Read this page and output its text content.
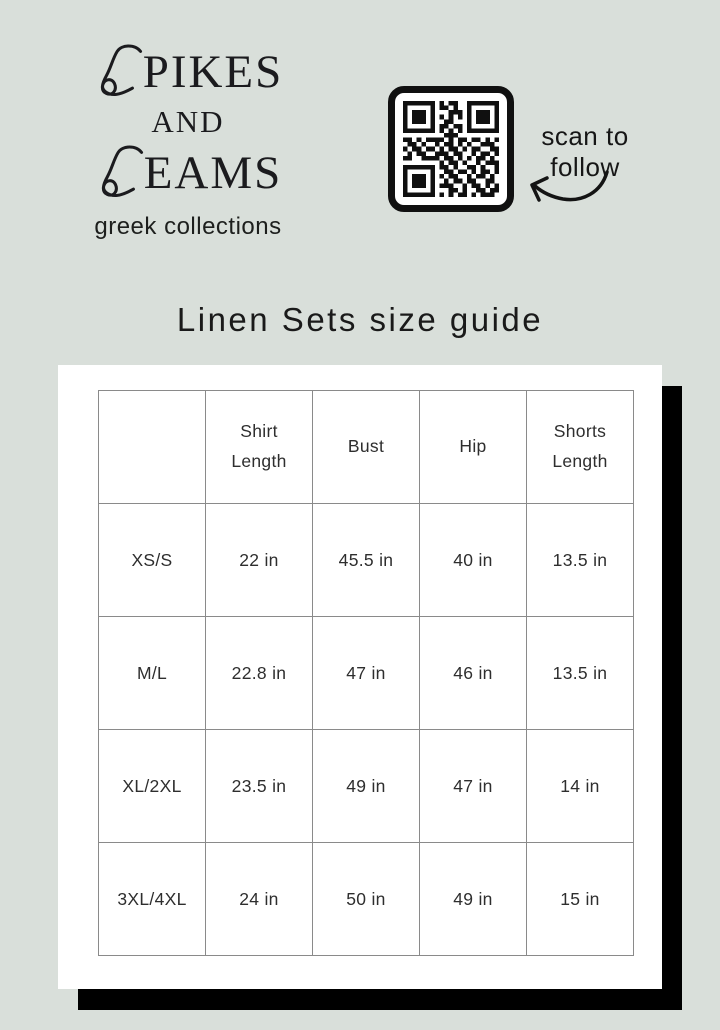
PIKES
AND
EAMS
greek collections
scan to
follow
Linen Sets size guide
	Shirt Length	Bust	Hip	Shorts Length
XS/S	22 in	45.5 in	40 in	13.5 in
M/L	22.8 in	47 in	46 in	13.5 in
XL/2XL	23.5 in	49 in	47 in	14 in
3XL/4XL	24 in	50 in	49 in	15 in
